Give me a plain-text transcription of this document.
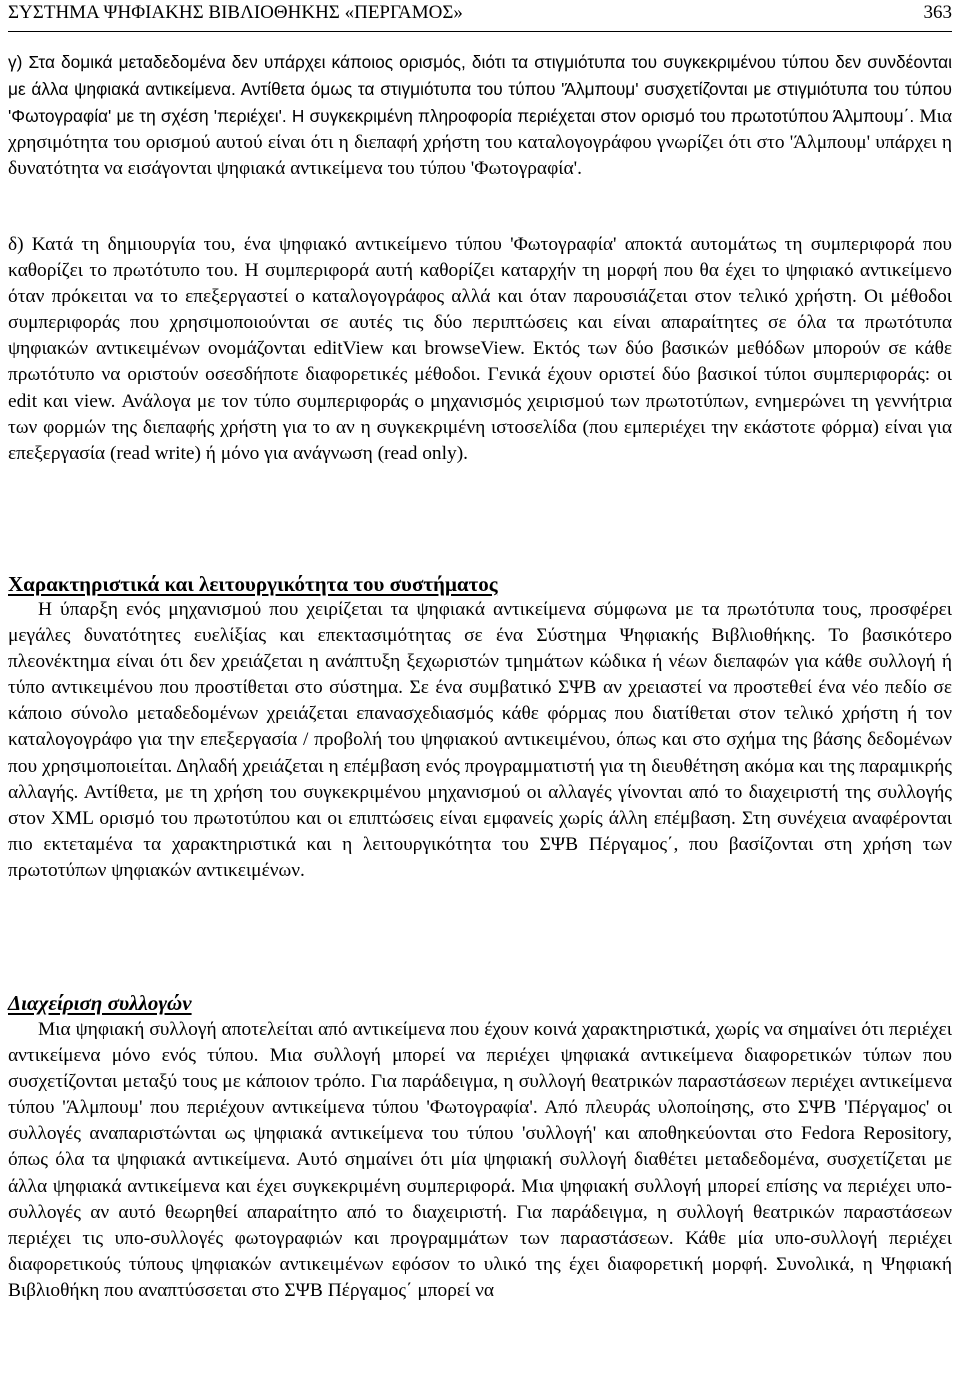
ΣΥΣΤΗΜΑ ΨΗΦΙΑΚΗΣ ΒΙΒΛΙΟΘΗΚΗΣ «ΠΕΡΓΑΜΟΣ»	363

γ) Στα δομικά μεταδεδομένα δεν υπάρχει κάποιος ορισμός, διότι τα στιγμιότυπα του συγκεκριμένου τύπου δεν συνδέονται με άλλα ψηφιακά αντικείμενα. Αντίθετα όμως τα στιγμιότυπα του τύπου 'Άλμπουμ' συσχετίζονται με στιγμιότυπα του τύπου 'Φωτογραφία' με τη σχέση 'περιέχει'. Η συγκεκριμένη πληροφορία περιέχεται στον ορισμό του πρωτοτύπου Άλμπουμ΄. Μια χρησιμότητα του ορισμού αυτού είναι ότι η διεπαφή χρήστη του καταλογογράφου γνωρίζει ότι στο 'Άλμπουμ' υπάρχει η δυνατότητα να εισάγονται ψηφιακά αντικείμενα του τύπου 'Φωτογραφία'.

δ) Κατά τη δημιουργία του, ένα ψηφιακό αντικείμενο τύπου 'Φωτογραφία' αποκτά αυτομάτως τη συμπεριφορά που καθορίζει το πρωτότυπο του. Η συμπεριφορά αυτή καθορίζει καταρχήν τη μορφή που θα έχει το ψηφιακό αντικείμενο όταν πρόκειται να το επεξεργαστεί ο καταλογογράφος αλλά και όταν παρουσιάζεται στον τελικό χρήστη. Οι μέθοδοι συμπεριφοράς που χρησιμοποιούνται σε αυτές τις δύο περιπτώσεις και είναι απαραίτητες σε όλα τα πρωτότυπα ψηφιακών αντικειμένων ονομάζονται editView και browseView. Εκτός των δύο βασικών μεθόδων μπορούν σε κάθε πρωτότυπο να οριστούν οσεσδήποτε διαφορετικές μέθοδοι. Γενικά έχουν οριστεί δύο βασικοί τύποι συμπεριφοράς: οι edit και view. Ανάλογα με τον τύπο συμπεριφοράς ο μηχανισμός χειρισμού των πρωτοτύπων, ενημερώνει τη γεννήτρια των φορμών της διεπαφής χρήστη για το αν η συγκεκριμένη ιστοσελίδα (που εμπεριέχει την εκάστοτε φόρμα) είναι για επεξεργασία (read write) ή μόνο για ανάγνωση (read only).

Χαρακτηριστικά και λειτουργικότητα του συστήματος

Η ύπαρξη ενός μηχανισμού που χειρίζεται τα ψηφιακά αντικείμενα σύμφωνα με τα πρωτότυπα τους, προσφέρει μεγάλες δυνατότητες ευελίξίας και επεκτασιμότητας σε ένα Σύστημα Ψηφιακής Βιβλιοθήκης. Το βασικότερο πλεονέκτημα είναι ότι δεν χρειάζεται η ανάπτυξη ξεχωριστών τμημάτων κώδικα ή νέων διεπαφών για κάθε συλλογή ή τύπο αντικειμένου που προστίθεται στο σύστημα. Σε ένα συμβατικό ΣΨΒ αν χρειαστεί να προστεθεί ένα νέο πεδίο σε κάποιο σύνολο μεταδεδομένων χρειάζεται επανασχεδιασμός κάθε φόρμας που διατίθεται στον τελικό χρήστη ή τον καταλογογράφο για την επεξεργασία / προβολή του ψηφιακού αντικειμένου, όπως και στο σχήμα της βάσης δεδομένων που χρησιμοποιείται. Δηλαδή χρειάζεται η επέμβαση ενός προγραμματιστή για τη διευθέτηση ακόμα και της παραμικρής αλλαγής. Αντίθετα, με τη χρήση του συγκεκριμένου μηχανισμού οι αλλαγές γίνονται από το διαχειριστή της συλλογής στον XML ορισμό του πρωτοτύπου και οι επιπτώσεις είναι εμφανείς χωρίς άλλη επέμβαση. Στη συνέχεια αναφέρονται πιο εκτεταμένα τα χαρακτηριστικά και η λειτουργικότητα του ΣΨΒ Πέργαμος΄, που βασίζονται στη χρήση των πρωτοτύπων ψηφιακών αντικειμένων.

Διαχείριση συλλογών

Μια ψηφιακή συλλογή αποτελείται από αντικείμενα που έχουν κοινά χαρακτηριστικά, χωρίς να σημαίνει ότι περιέχει αντικείμενα μόνο ενός τύπου. Μια συλλογή μπορεί να περιέχει ψηφιακά αντικείμενα διαφορετικών τύπων που συσχετίζονται μεταξύ τους με κάποιον τρόπο. Για παράδειγμα, η συλλογή θεατρικών παραστάσεων περιέχει αντικείμενα τύπου 'Άλμπουμ' που περιέχουν αντικείμενα τύπου 'Φωτογραφία'. Από πλευράς υλοποίησης, στο ΣΨΒ 'Πέργαμος' οι συλλογές αναπαριστώνται ως ψηφιακά αντικείμενα του τύπου 'συλλογή' και αποθηκεύονται στο Fedora Repository, όπως όλα τα ψηφιακά αντικείμενα. Αυτό σημαίνει ότι μία ψηφιακή συλλογή διαθέτει μεταδεδομένα, συσχετίζεται με άλλα ψηφιακά αντικείμενα και έχει συγκεκριμένη συμπεριφορά. Μια ψηφιακή συλλογή μπορεί επίσης να περιέχει υπο-συλλογές αν αυτό θεωρηθεί απαραίτητο από το διαχειριστή. Για παράδειγμα, η συλλογή θεατρικών παραστάσεων περιέχει τις υπο-συλλογές φωτογραφιών και προγραμμάτων των παραστάσεων. Κάθε μία υπο-συλλογή περιέχει διαφορετικούς τύπους ψηφιακών αντικειμένων εφόσον το υλικό της έχει διαφορετική μορφή. Συνολικά, η Ψηφιακή Βιβλιοθήκη που αναπτύσσεται στο ΣΨΒ Πέργαμος΄ μπορεί να
